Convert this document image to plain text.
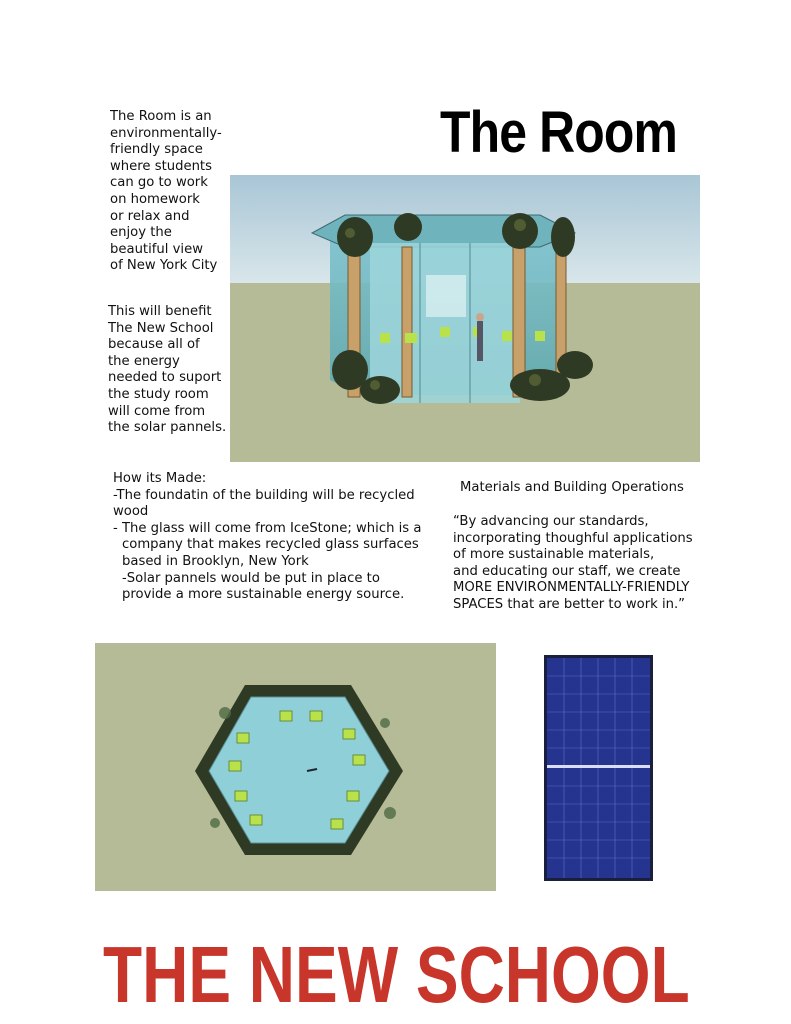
The Room is an
environmentally-
friendly space
where students
can go to work
on homework
or relax and
enjoy the
beautiful view
of New York City
This will benefit
The New School
because all of
the energy
needed to suport
the study room
will come from
the solar pannels.
The Room
How its Made:
-The foundatin of the building will be recycled
wood
- The glass will come from IceStone; which is a
company that makes recycled glass surfaces
based in Brooklyn, New York
-Solar pannels would be put in place to
provide a more sustainable energy source.
Materials and Building Operations
“By advancing our standards,
incorporating thoughful applications
of more sustainable materials,
and educating our staff, we create
MORE ENVIRONMENTALLY-FRIENDLY
SPACES that are better to work in.”
THE NEW SCHOOL
